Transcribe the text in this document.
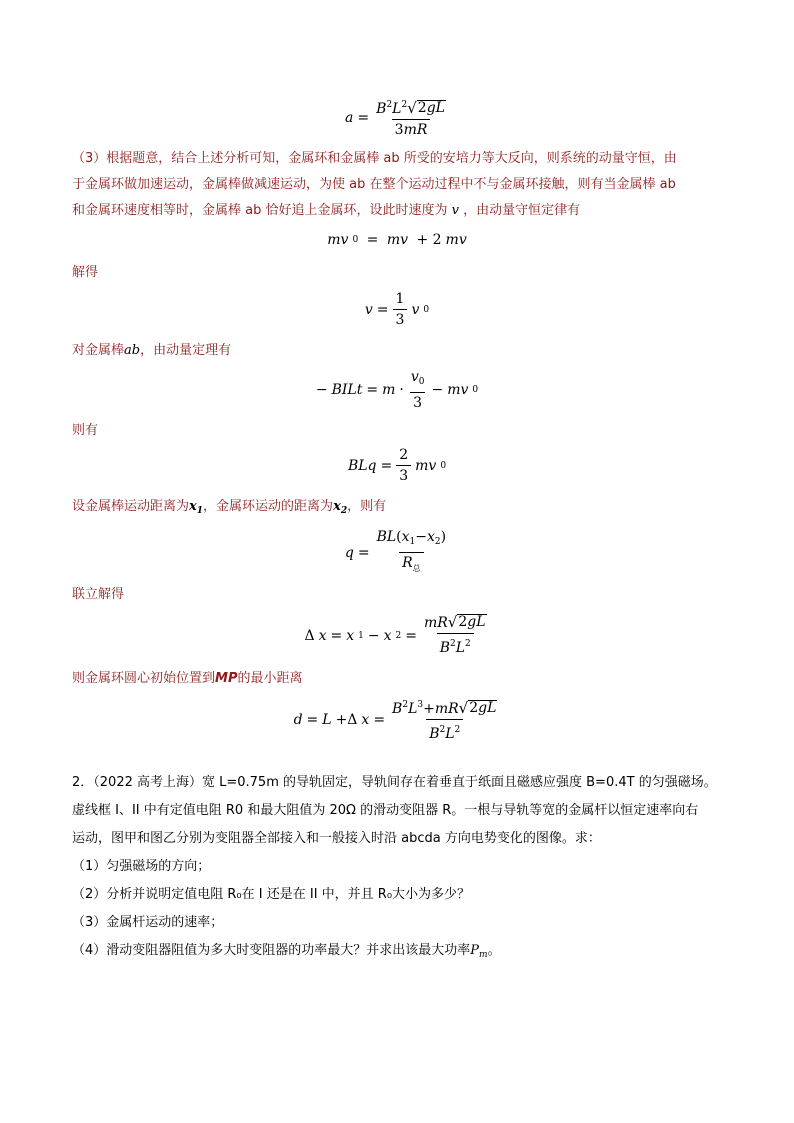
$a = \frac{B^2L^2 √ 2gL}{3mR}$
（3）根据题意，结合上述分析可知，金属环和金属棒 ab 所受的安培力等大反向，则系统的动量守恒，由
于金属环做加速运动，金属棒做减速运动，为使 ab 在整个运动过程中不与金属环接触，则有当金属棒 ab
和金属环速度相等时，金属棒 ab 恰好追上金属环，设此时速度为 v ，由动量守恒定律有
mv 0 = mv + 2 mv
解得
$v = \frac{1}{3}$ v 0
对金属棒ab，由动量定理有
− BILt = $m \cdot \frac{v_0}{3}$ − mv 0
则有
BLq = $\frac{2}{3}$ mv 0
设金属棒运动距离为$x_1$，金属环运动的距离为$x_2$，则有
$q = \frac{BL(x_1-x_2)}{R_总}$
联立解得
Δ x = x 1 − x $2 = \frac{mR √ 2gL}{B^2L^2}$
则金属环圆心初始位置到MP的最小距离
d = L +Δ $x = \frac{B^2L^3+mR √ 2gL}{B^2L^2}$
2．（2022 高考上海）宽 L=0.75m 的导轨固定，导轨间存在着垂直于纸面且磁感应强度 B=0.4T 的匀强磁场。
虚线框 I、II 中有定值电阻 R0 和最大阻值为 20Ω 的滑动变阻器 R。一根与导轨等宽的金属杆以恒定速率向右
运动，图甲和图乙分别为变阻器全部接入和一般接入时沿 abcda 方向电势变化的图像。求：
（1）匀强磁场的方向；
（2）分析并说明定值电阻 R₀在 I 还是在 II 中，并且 R₀大小为多少？
（3）金属杆运动的速率；
（4）滑动变阻器阻值为多大时变阻器的功率最大？并求出该最大功率$P_m$。
